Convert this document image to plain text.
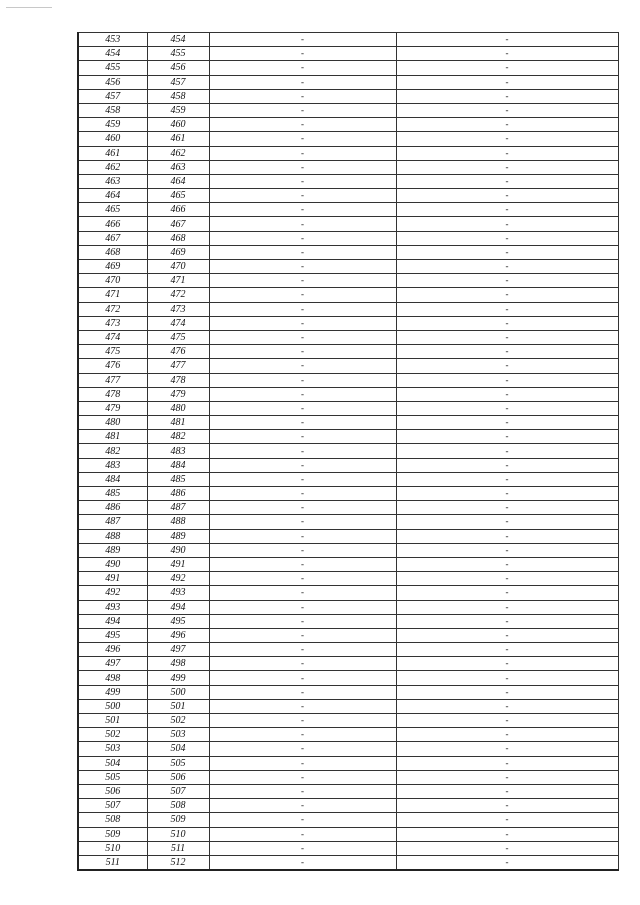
453	454	-	-
454	455	-	-
455	456	-	-
456	457	-	-
457	458	-	-
458	459	-	-
459	460	-	-
460	461	-	-
461	462	-	-
462	463	-	-
463	464	-	-
464	465	-	-
465	466	-	-
466	467	-	-
467	468	-	-
468	469	-	-
469	470	-	-
470	471	-	-
471	472	-	-
472	473	-	-
473	474	-	-
474	475	-	-
475	476	-	-
476	477	-	-
477	478	-	-
478	479	-	-
479	480	-	-
480	481	-	-
481	482	-	-
482	483	-	-
483	484	-	-
484	485	-	-
485	486	-	-
486	487	-	-
487	488	-	-
488	489	-	-
489	490	-	-
490	491	-	-
491	492	-	-
492	493	-	-
493	494	-	-
494	495	-	-
495	496	-	-
496	497	-	-
497	498	-	-
498	499	-	-
499	500	-	-
500	501	-	-
501	502	-	-
502	503	-	-
503	504	-	-
504	505	-	-
505	506	-	-
506	507	-	-
507	508	-	-
508	509	-	-
509	510	-	-
510	511	-	-
511	512	-	-
